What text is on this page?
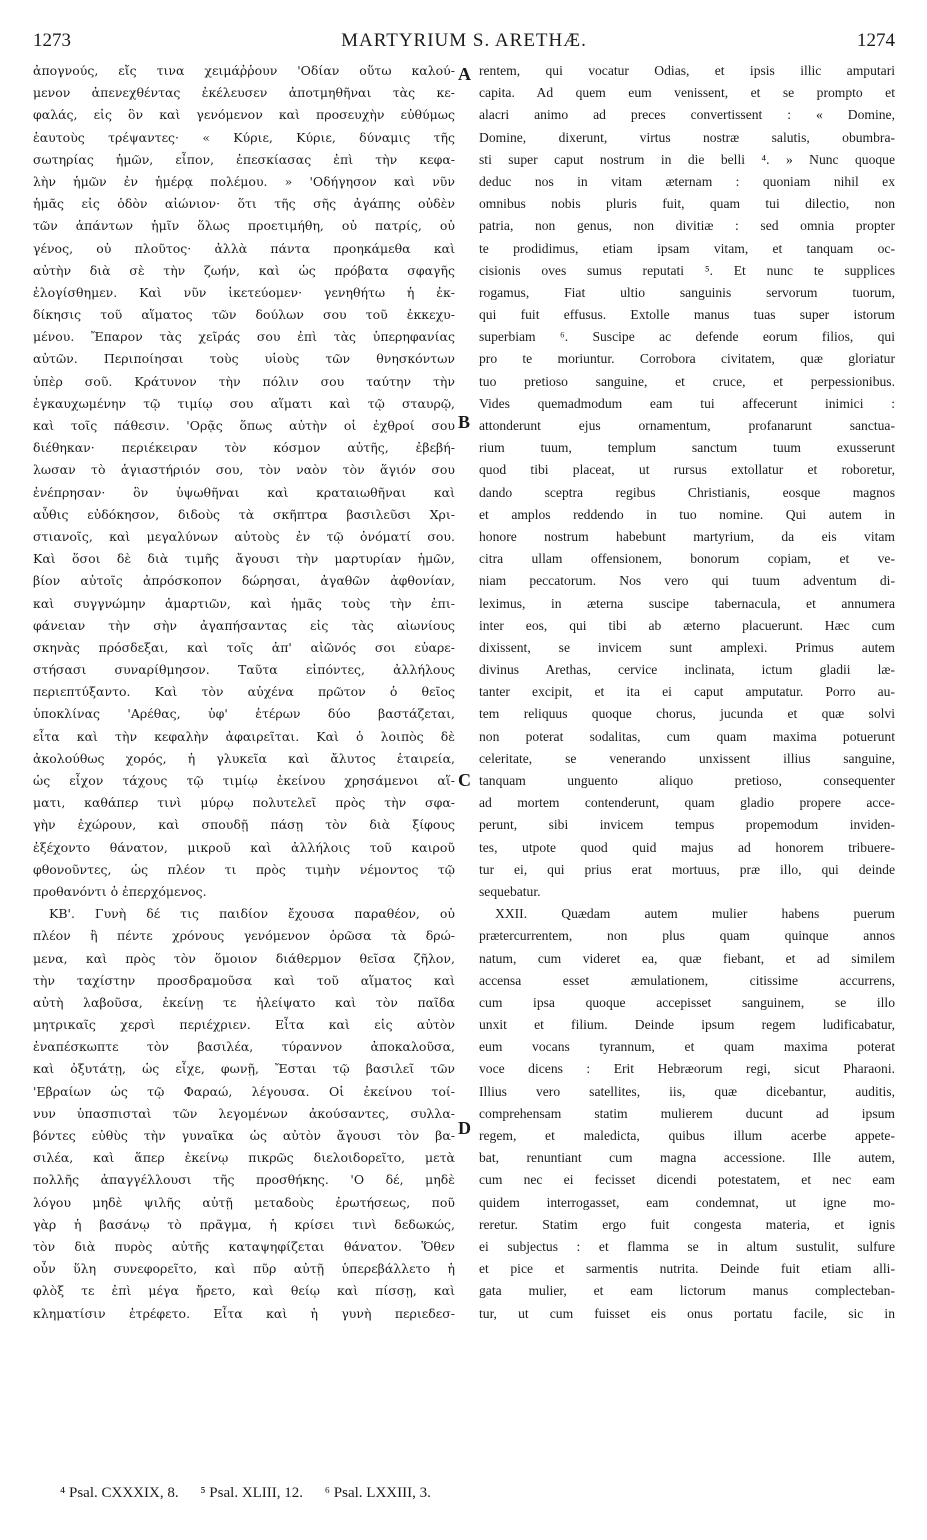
1273	MARTYRIUM S. ARETHÆ.	1274
ἀπογνούς, εἴς τινα χειμάῤῥουν 'Οδίαν οὕτω καλού-
μενον ἀπενεχθέντας ἐκέλευσεν ἀποτμηθῆναι τὰς κε-
φαλάς, εἰς ὃν καὶ γενόμενον καὶ προσευχὴν εὐθύμως
ἑαυτοὺς τρέψαντες· « Κύριε, Κύριε, δύναμις τῆς
σωτηρίας ἡμῶν, εἶπον, ἐπεσκίασας ἐπὶ τὴν κεφα-
λὴν ἡμῶν ἐν ἡμέρᾳ πολέμου. » 'Οδήγησον καὶ νῦν
ἡμᾶς εἰς ὁδὸν αἰώνιον· ὅτι τῆς σῆς ἀγάπης οὐδὲν
τῶν ἁπάντων ἡμῖν ὅλως προετιμήθη, οὐ πατρίς, οὐ
γένος, οὐ πλοῦτος· ἀλλὰ πάντα προηκάμεθα καὶ
αὐτὴν διὰ σὲ τὴν ζωήν, καὶ ὡς πρόβατα σφαγῆς
ἐλογίσθημεν. Καὶ νῦν ἱκετεύομεν· γενηθήτω ἡ ἐκ-
δίκησις τοῦ αἵματος τῶν δούλων σου τοῦ ἐκκεχυ-
μένου. Ἔπαρον τὰς χεῖράς σου ἐπὶ τὰς ὑπερηφανίας
αὐτῶν. Περιποίησαι τοὺς υἱοὺς τῶν θνησκόντων
ὑπὲρ σοῦ. Κράτυνον τὴν πόλιν σου ταύτην τὴν
ἐγκαυχωμένην τῷ τιμίῳ σου αἵματι καὶ τῷ σταυρῷ,
καὶ τοῖς πάθεσιν. 'Ορᾷς ὅπως αὐτὴν οἱ ἐχθροί σου
διέθηκαν· περιέκειραν τὸν κόσμον αὐτῆς, ἐβεβή-
λωσαν τὸ ἁγιαστήριόν σου, τὸν ναὸν τὸν ἅγιόν σου
ἐνέπρησαν· ὃν ὑψωθῆναι καὶ κραταιωθῆναι καὶ
αὖθις εὐδόκησον, διδοὺς τὰ σκῆπτρα βασιλεῦσι Χρι-
στιανοῖς, καὶ μεγαλύνων αὐτοὺς ἐν τῷ ὀνόματί σου.
Καὶ ὅσοι δὲ διὰ τιμῆς ἄγουσι τὴν μαρτυρίαν ἡμῶν,
βίον αὐτοῖς ἀπρόσκοπον δώρησαι, ἀγαθῶν ἀφθονίαν,
καὶ συγγνώμην ἁμαρτιῶν, καὶ ἡμᾶς τοὺς τὴν ἐπι-
φάνειαν τὴν σὴν ἀγαπήσαντας εἰς τὰς αἰωνίους
σκηνὰς πρόσδεξαι, καὶ τοῖς ἀπ' αἰῶνός σοι εὐαρε-
στήσασι συναρίθμησον. Ταῦτα εἰπόντες, ἀλλήλους
περιεπτύξαντο. Καὶ τὸν αὐχένα πρῶτον ὁ θεῖος
ὑποκλίνας 'Αρέθας, ὑφ' ἑτέρων δύο βαστάζεται,
εἶτα καὶ τὴν κεφαλὴν ἀφαιρεῖται. Καὶ ὁ λοιπὸς δὲ
ἀκολούθως χορός, ἡ γλυκεῖα καὶ ἄλυτος ἑταιρεία,
ὡς εἶχον τάχους τῷ τιμίῳ ἐκείνου χρησάμενοι αἵ-
ματι, καθάπερ τινὶ μύρῳ πολυτελεῖ πρὸς τὴν σφα-
γὴν ἐχώρουν, καὶ σπουδῇ πάσῃ τὸν διὰ ξίφους
ἐξέχοντο θάνατον, μικροῦ καὶ ἀλλήλοις τοῦ καιροῦ
φθονοῦντες, ὡς πλέον τι πρὸς τιμὴν νέμοντος τῷ
προθανόντι ὁ ἐπερχόμενος.
ΚΒ'. Γυνὴ δέ τις παιδίον ἔχουσα παραθέον, οὐ
πλέον ἢ πέντε χρόνους γενόμενον ὁρῶσα τὰ δρώ-
μενα, καὶ πρὸς τὸν ὅμοιον διάθερμον θεῖσα ζῆλον,
τὴν ταχίστην προσδραμοῦσα καὶ τοῦ αἵματος καὶ
αὐτὴ λαβοῦσα, ἐκείνῃ τε ἠλείψατο καὶ τὸν παῖδα
μητρικαῖς χερσὶ περιέχριεν. Εἶτα καὶ εἰς αὐτὸν
ἐναπέσκωπτε τὸν βασιλέα, τύραννον ἀποκαλοῦσα,
καὶ ὀξυτάτῃ, ὡς εἶχε, φωνῇ, Ἔσται τῷ βασιλεῖ τῶν
'Εβραίων ὡς τῷ Φαραώ, λέγουσα. Οἱ ἐκείνου τοί-
νυν ὑπασπισταὶ τῶν λεγομένων ἀκούσαντες, συλλα-
βόντες εὐθὺς τὴν γυναῖκα ὡς αὐτὸν ἄγουσι τὸν βα-
σιλέα, καὶ ἅπερ ἐκείνῳ πικρῶς διελοιδορεῖτο, μετὰ
πολλῆς ἀπαγγέλλουσι τῆς προσθήκης. 'Ο δέ, μηδὲ
λόγου μηδὲ ψιλῆς αὐτῇ μεταδοὺς ἐρωτήσεως, ποῦ
γὰρ ἡ βασάνῳ τὸ πρᾶγμα, ἡ κρίσει τινὶ δεδωκώς,
τὸν διὰ πυρὸς αὐτῆς καταψηφίζεται θάνατον. Ὅθεν
οὖν ὕλη συνεφορεῖτο, καὶ πῦρ αὐτῇ ὑπερεβάλλετο ἡ
φλὸξ τε ἐπὶ μέγα ἤρετο, καὶ θείῳ καὶ πίσσῃ, καὶ
κληματίσιν ἐτρέφετο. Εἶτα καὶ ἡ γυνὴ περιεδεσ-
rentem, qui vocatur Odias, et ipsis illic amputari
capita. Ad quem eum venissent, et se prompto et
alacri animo ad preces convertissent : « Domine,
Domine, dixerunt, virtus nostræ salutis, obumbra-
sti super caput nostrum in die belli ⁴. » Nunc quoque
deduc nos in vitam æternam : quoniam nihil ex
omnibus nobis pluris fuit, quam tui dilectio, non
patria, non genus, non divitiæ : sed omnia propter
te prodidimus, etiam ipsam vitam, et tanquam oc-
cisionis oves sumus reputati ⁵. Et nunc te supplices
rogamus, Fiat ultio sanguinis servorum tuorum,
qui fuit effusus. Extolle manus tuas super istorum
superbiam ⁶. Suscipe ac defende eorum filios, qui
pro te moriuntur. Corrobora civitatem, quæ gloriatur
tuo pretioso sanguine, et cruce, et perpessionibus.
Vides quemadmodum eam tui affecerunt inimici :
attonderunt ejus ornamentum, profanarunt sanctua-
rium tuum, templum sanctum tuum exusserunt
quod tibi placeat, ut rursus extollatur et roboretur,
dando sceptra regibus Christianis, eosque magnos
et amplos reddendo in tuo nomine. Qui autem in
honore nostrum habebunt martyrium, da eis vitam
citra ullam offensionem, bonorum copiam, et ve-
niam peccatorum. Nos vero qui tuum adventum di-
leximus, in æterna suscipe tabernacula, et annumera
inter eos, qui tibi ab æterno placuerunt. Hæc cum
dixissent, se invicem sunt amplexi. Primus autem
divinus Arethas, cervice inclinata, ictum gladii læ-
tanter excipit, et ita ei caput amputatur. Porro au-
tem reliquus quoque chorus, jucunda et quæ solvi
non poterat sodalitas, cum quam maxima potuerunt
celeritate, se venerando unxissent illius sanguine,
tanquam unguento aliquo pretioso, consequenter
ad mortem contenderunt, quam gladio propere acce-
perunt, sibi invicem tempus propemodum inviden-
tes, utpote quod quid majus ad honorem tribuere-
tur ei, qui prius erat mortuus, præ illo, qui deinde
sequebatur.
XXII. Quædam autem mulier habens puerum
prætercurrentem, non plus quam quinque annos
natum, cum videret ea, quæ fiebant, et ad similem
accensa esset æmulationem, citissime accurrens,
cum ipsa quoque accepisset sanguinem, se illo
unxit et filium. Deinde ipsum regem ludificabatur,
eum vocans tyrannum, et quam maxima poterat
voce dicens : Erit Hebræorum regi, sicut Pharaoni.
Illius vero satellites, iis, quæ dicebantur, auditis,
comprehensam statim mulierem ducunt ad ipsum
regem, et maledicta, quibus illum acerbe appete-
bat, renuntiant cum magna accessione. Ille autem,
cum nec ei fecisset dicendi potestatem, et nec eam
quidem interrogasset, eam condemnat, ut igne mo-
reretur. Statim ergo fuit congesta materia, et ignis
ei subjectus : et flamma se in altum sustulit, sulfure
et pice et sarmentis nutrita. Deinde fuit etiam alli-
gata mulier, et eam lictorum manus complecteban-
tur, ut cum fuisset eis onus portatu facile, sic in
A
B
C
D
⁴ Psal. CXXXIX, 8. ⁵ Psal. XLIII, 12. ⁶ Psal. LXXIII, 3.
